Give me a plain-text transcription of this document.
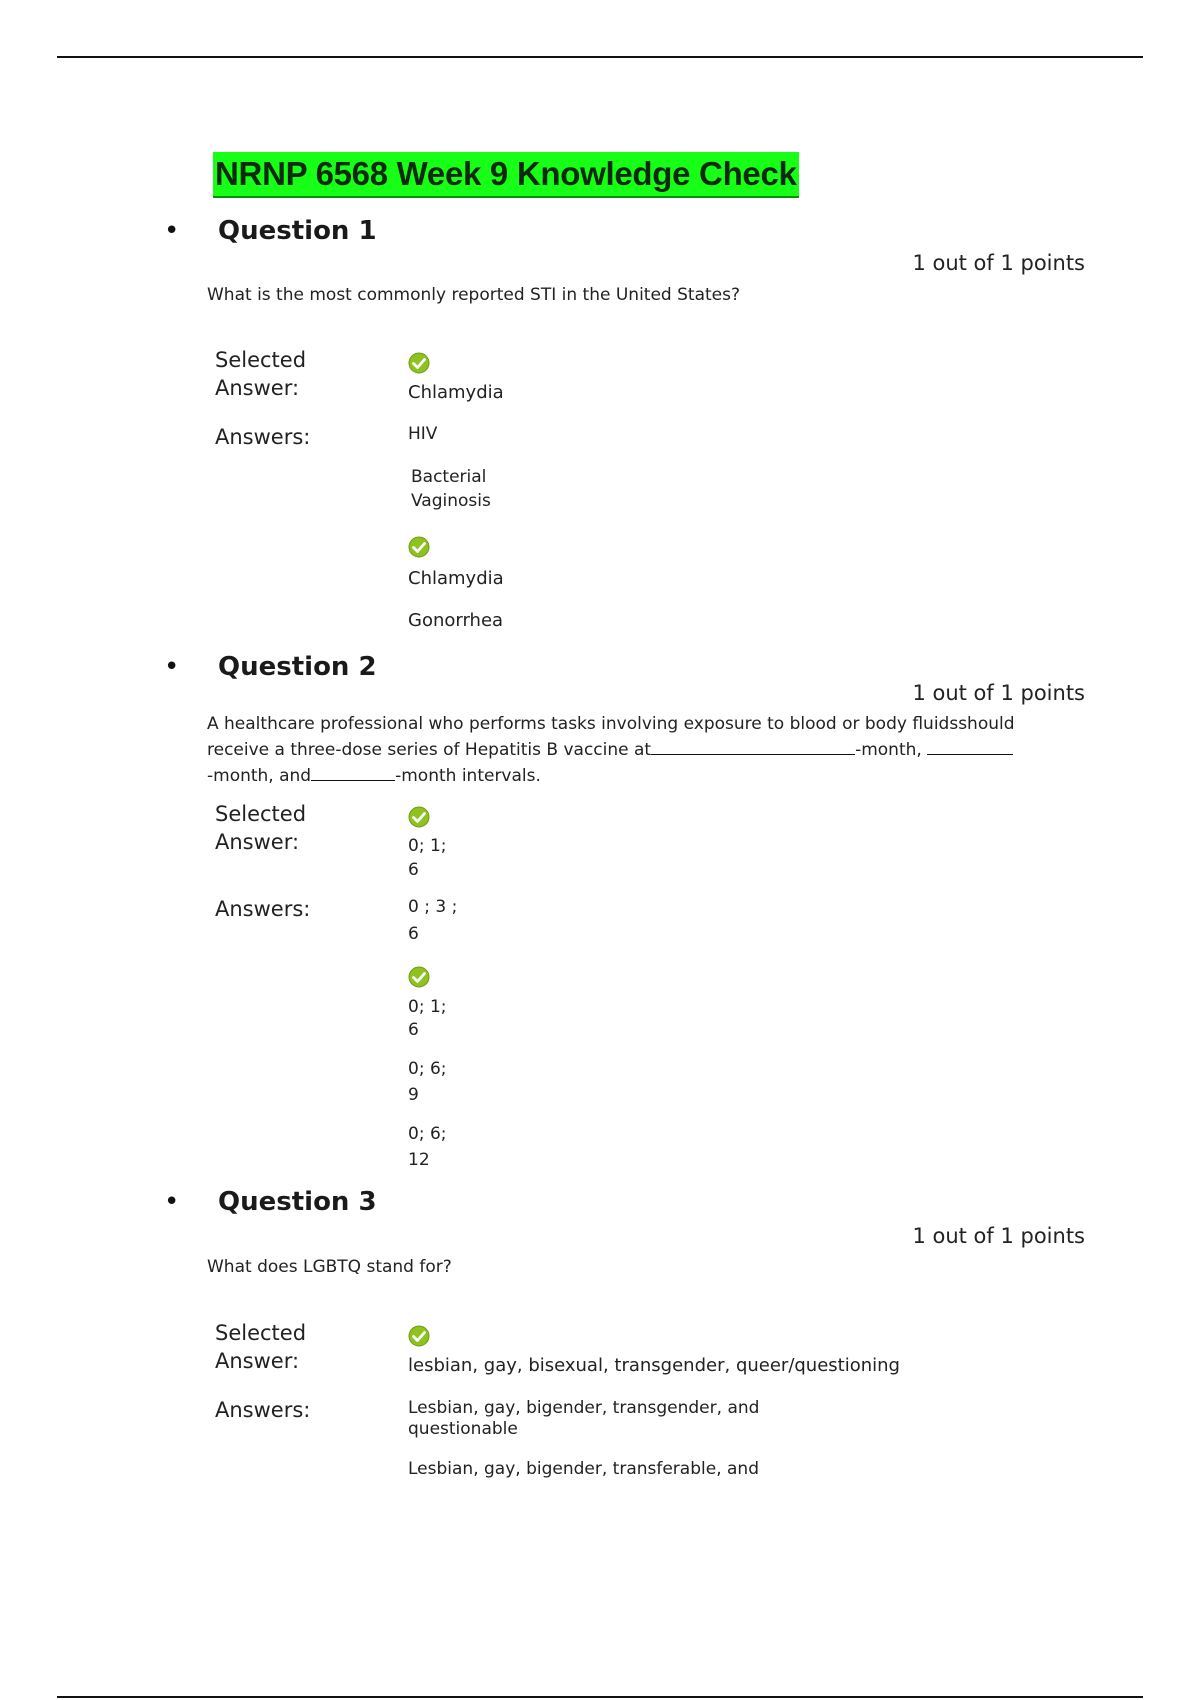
NRNP 6568 Week 9 Knowledge Check
• Question 1
1 out of 1 points
What is the most commonly reported STI in the United States?
Selected
Answer:	Chlamydia
Answers:	HIV
Bacterial
Vaginosis
Chlamydia
Gonorrhea
• Question 2
1 out of 1 points
A healthcare professional who performs tasks involving exposure to blood or body fluidsshould
receive a three-dose series of Hepatitis B vaccine at	-month,
-month, and	-month intervals.
Selected
Answer:	0; 1;
6
Answers:	0 ; 3 ;
6
0; 1;
6
0; 6;
9
0; 6;
12
• Question 3
1 out of 1 points
What does LGBTQ stand for?
Selected
Answer:	lesbian, gay, bisexual, transgender, queer/questioning
Answers:	Lesbian, gay, bigender, transgender, and
questionable
Lesbian, gay, bigender, transferable, and
